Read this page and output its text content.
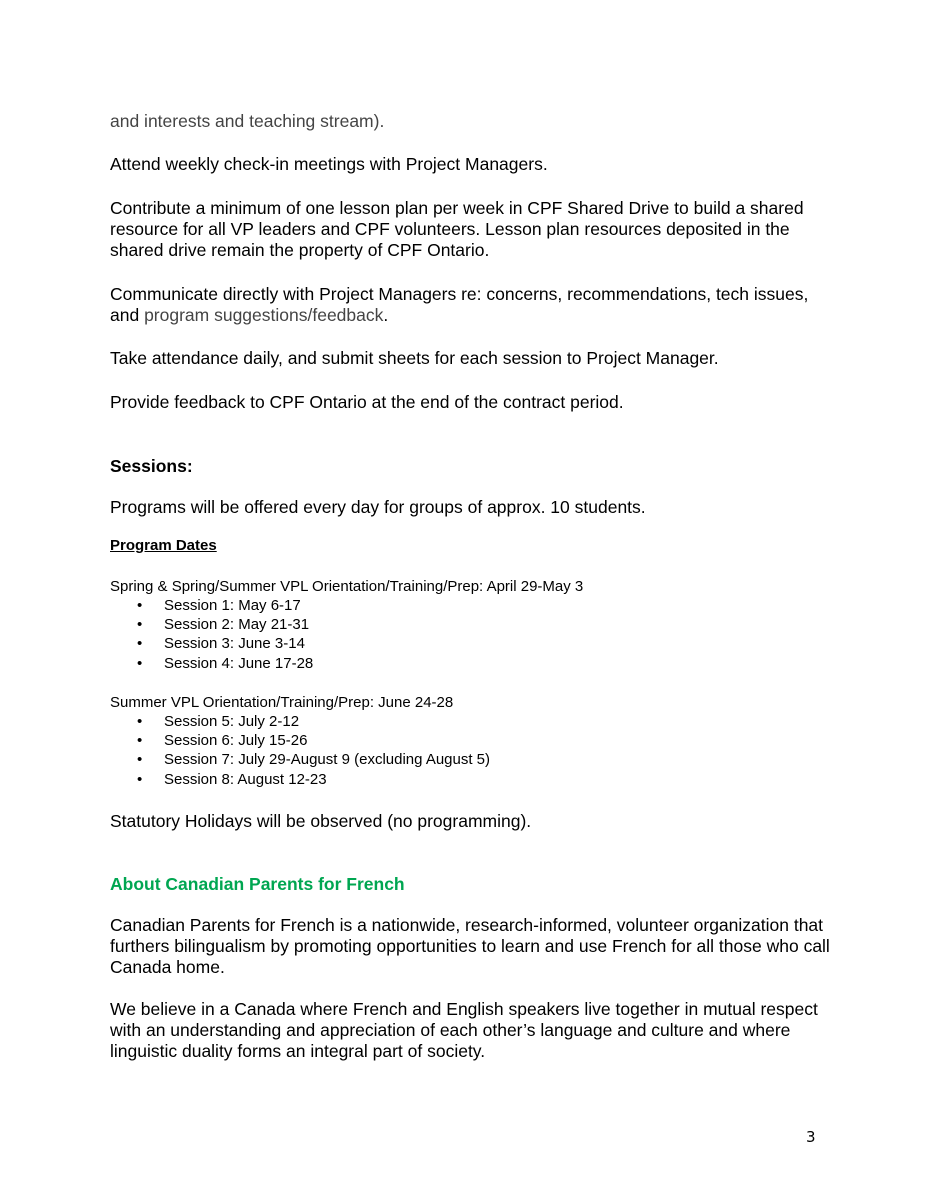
and interests and teaching stream).

Attend weekly check-in meetings with Project Managers.

Contribute a minimum of one lesson plan per week in CPF Shared Drive to build a shared resource for all VP leaders and CPF volunteers. Lesson plan resources deposited in the shared drive remain the property of CPF Ontario.

Communicate directly with Project Managers re: concerns, recommendations, tech issues, and program suggestions/feedback.

Take attendance daily, and submit sheets for each session to Project Manager.

Provide feedback to CPF Ontario at the end of the contract period.

Sessions:

Programs will be offered every day for groups of approx. 10 students.

Program Dates

Spring & Spring/Summer VPL Orientation/Training/Prep: April 29-May 3

• Session 1: May 6-17
• Session 2: May 21-31
• Session 3: June 3-14
• Session 4: June 17-28

Summer VPL Orientation/Training/Prep: June 24-28

• Session 5: July 2-12
• Session 6: July 15-26
• Session 7: July 29-August 9 (excluding August 5)
• Session 8: August 12-23

Statutory Holidays will be observed (no programming).

About Canadian Parents for French

Canadian Parents for French is a nationwide, research-informed, volunteer organization that furthers bilingualism by promoting opportunities to learn and use French for all those who call Canada home.

We believe in a Canada where French and English speakers live together in mutual respect with an understanding and appreciation of each other’s language and culture and where linguistic duality forms an integral part of society.

3
